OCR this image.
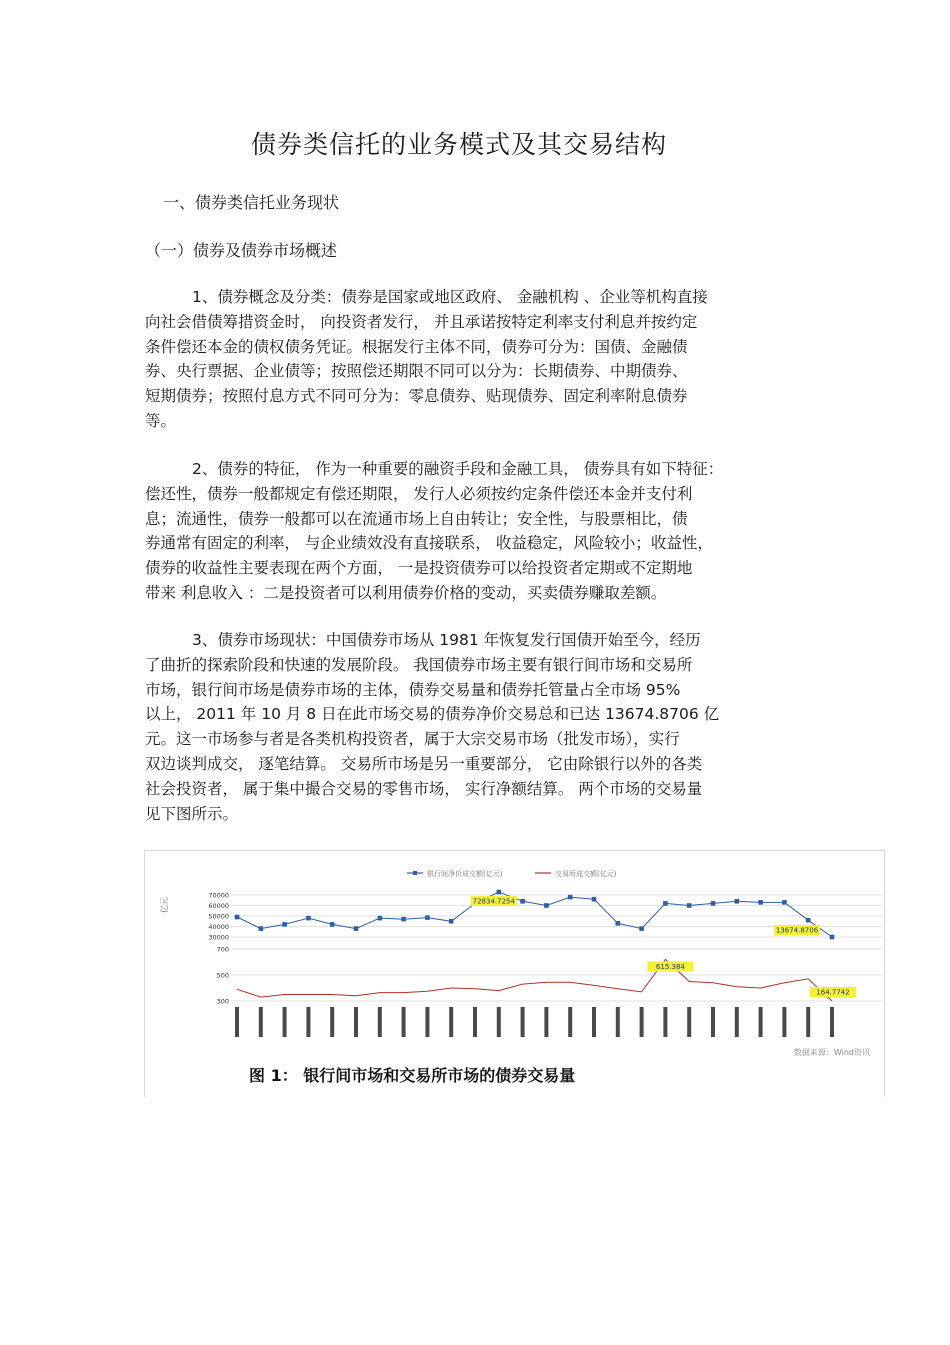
债券类信托的业务模式及其交易结构
一、债券类信托业务现状
（一）债券及债券市场概述
1、债券概念及分类：债券是国家或地区政府、 金融机构 、企业等机构直接
向社会借债筹措资金时， 向投资者发行， 并且承诺按特定利率支付利息并按约定
条件偿还本金的债权债务凭证。根据发行主体不同，债券可分为：国债、金融债
券、央行票据、企业债等；按照偿还期限不同可以分为：长期债券、中期债券、
短期债券；按照付息方式不同可分为：零息债券、贴现债券、固定利率附息债券
等。
2、债券的特征， 作为一种重要的融资手段和金融工具， 债券具有如下特征：
偿还性，债券一般都规定有偿还期限， 发行人必须按约定条件偿还本金并支付利
息；流通性，债券一般都可以在流通市场上自由转让；安全性，与股票相比，债
券通常有固定的利率， 与企业绩效没有直接联系， 收益稳定，风险较小；收益性，
债券的收益性主要表现在两个方面， 一是投资债券可以给投资者定期或不定期地
带来 利息收入 ：二是投资者可以利用债券价格的变动，买卖债券赚取差额。
3、债券市场现状：中国债券市场从 1981 年恢复发行国债开始至今，经历
了曲折的探索阶段和快速的发展阶段。 我国债券市场主要有银行间市场和交易所
市场，银行间市场是债券市场的主体，债券交易量和债券托管量占全市场 95%
以上， 2011 年 10 月 8 日在此市场交易的债券净价交易总和已达 13674.8706 亿
元。这一市场参与者是各类机构投资者，属于大宗交易市场（批发市场），实行
双边谈判成交， 逐笔结算。 交易所市场是另一重要部分， 它由除银行以外的各类
社会投资者， 属于集中撮合交易的零售市场， 实行净额结算。 两个市场的交易量
见下图所示。
银行间净价成交额(亿元)	交易所成交额(亿元)
亿元
70000
60000
50000
40000
30000
72834.7254
13674.8706
700
500
300
615.384
164.7742
数据来源：Wind资讯
图 1： 银行间市场和交易所市场的债券交易量
